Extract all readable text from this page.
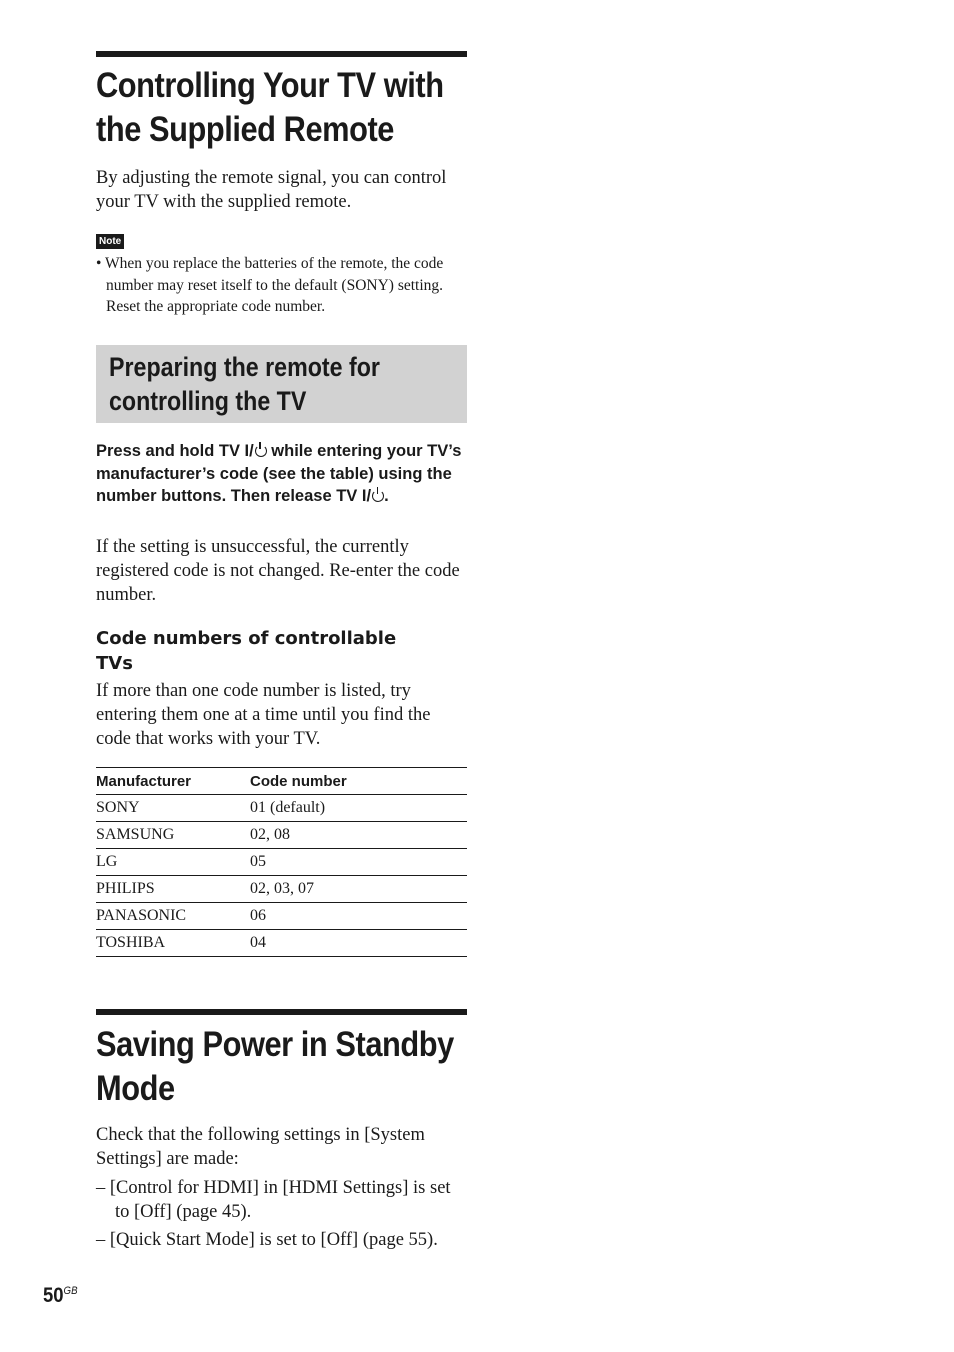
Controlling Your TV with
the Supplied Remote

By adjusting the remote signal, you can control your TV with the supplied remote.

Note

• When you replace the batteries of the remote, the code number may reset itself to the default (SONY) setting. Reset the appropriate code number.

Preparing the remote for
controlling the TV

Press and hold TV I/ while entering your TV’s manufacturer’s code (see the table) using the number buttons. Then release TV I/ .

If the setting is unsuccessful, the currently registered code is not changed. Re-enter the code number.

Code numbers of controllable TVs

If more than one code number is listed, try entering them one at a time until you find the code that works with your TV.

Manufacturer	Code number
SONY	01 (default)
SAMSUNG	02, 08
LG	05
PHILIPS	02, 03, 07
PANASONIC	06
TOSHIBA	04
Saving Power in Standby
Mode

Check that the following settings in [System Settings] are made:

– [Control for HDMI] in [HDMI Settings] is set to [Off] (page 45).

– [Quick Start Mode] is set to [Off] (page 55).

$50^{GB}$
